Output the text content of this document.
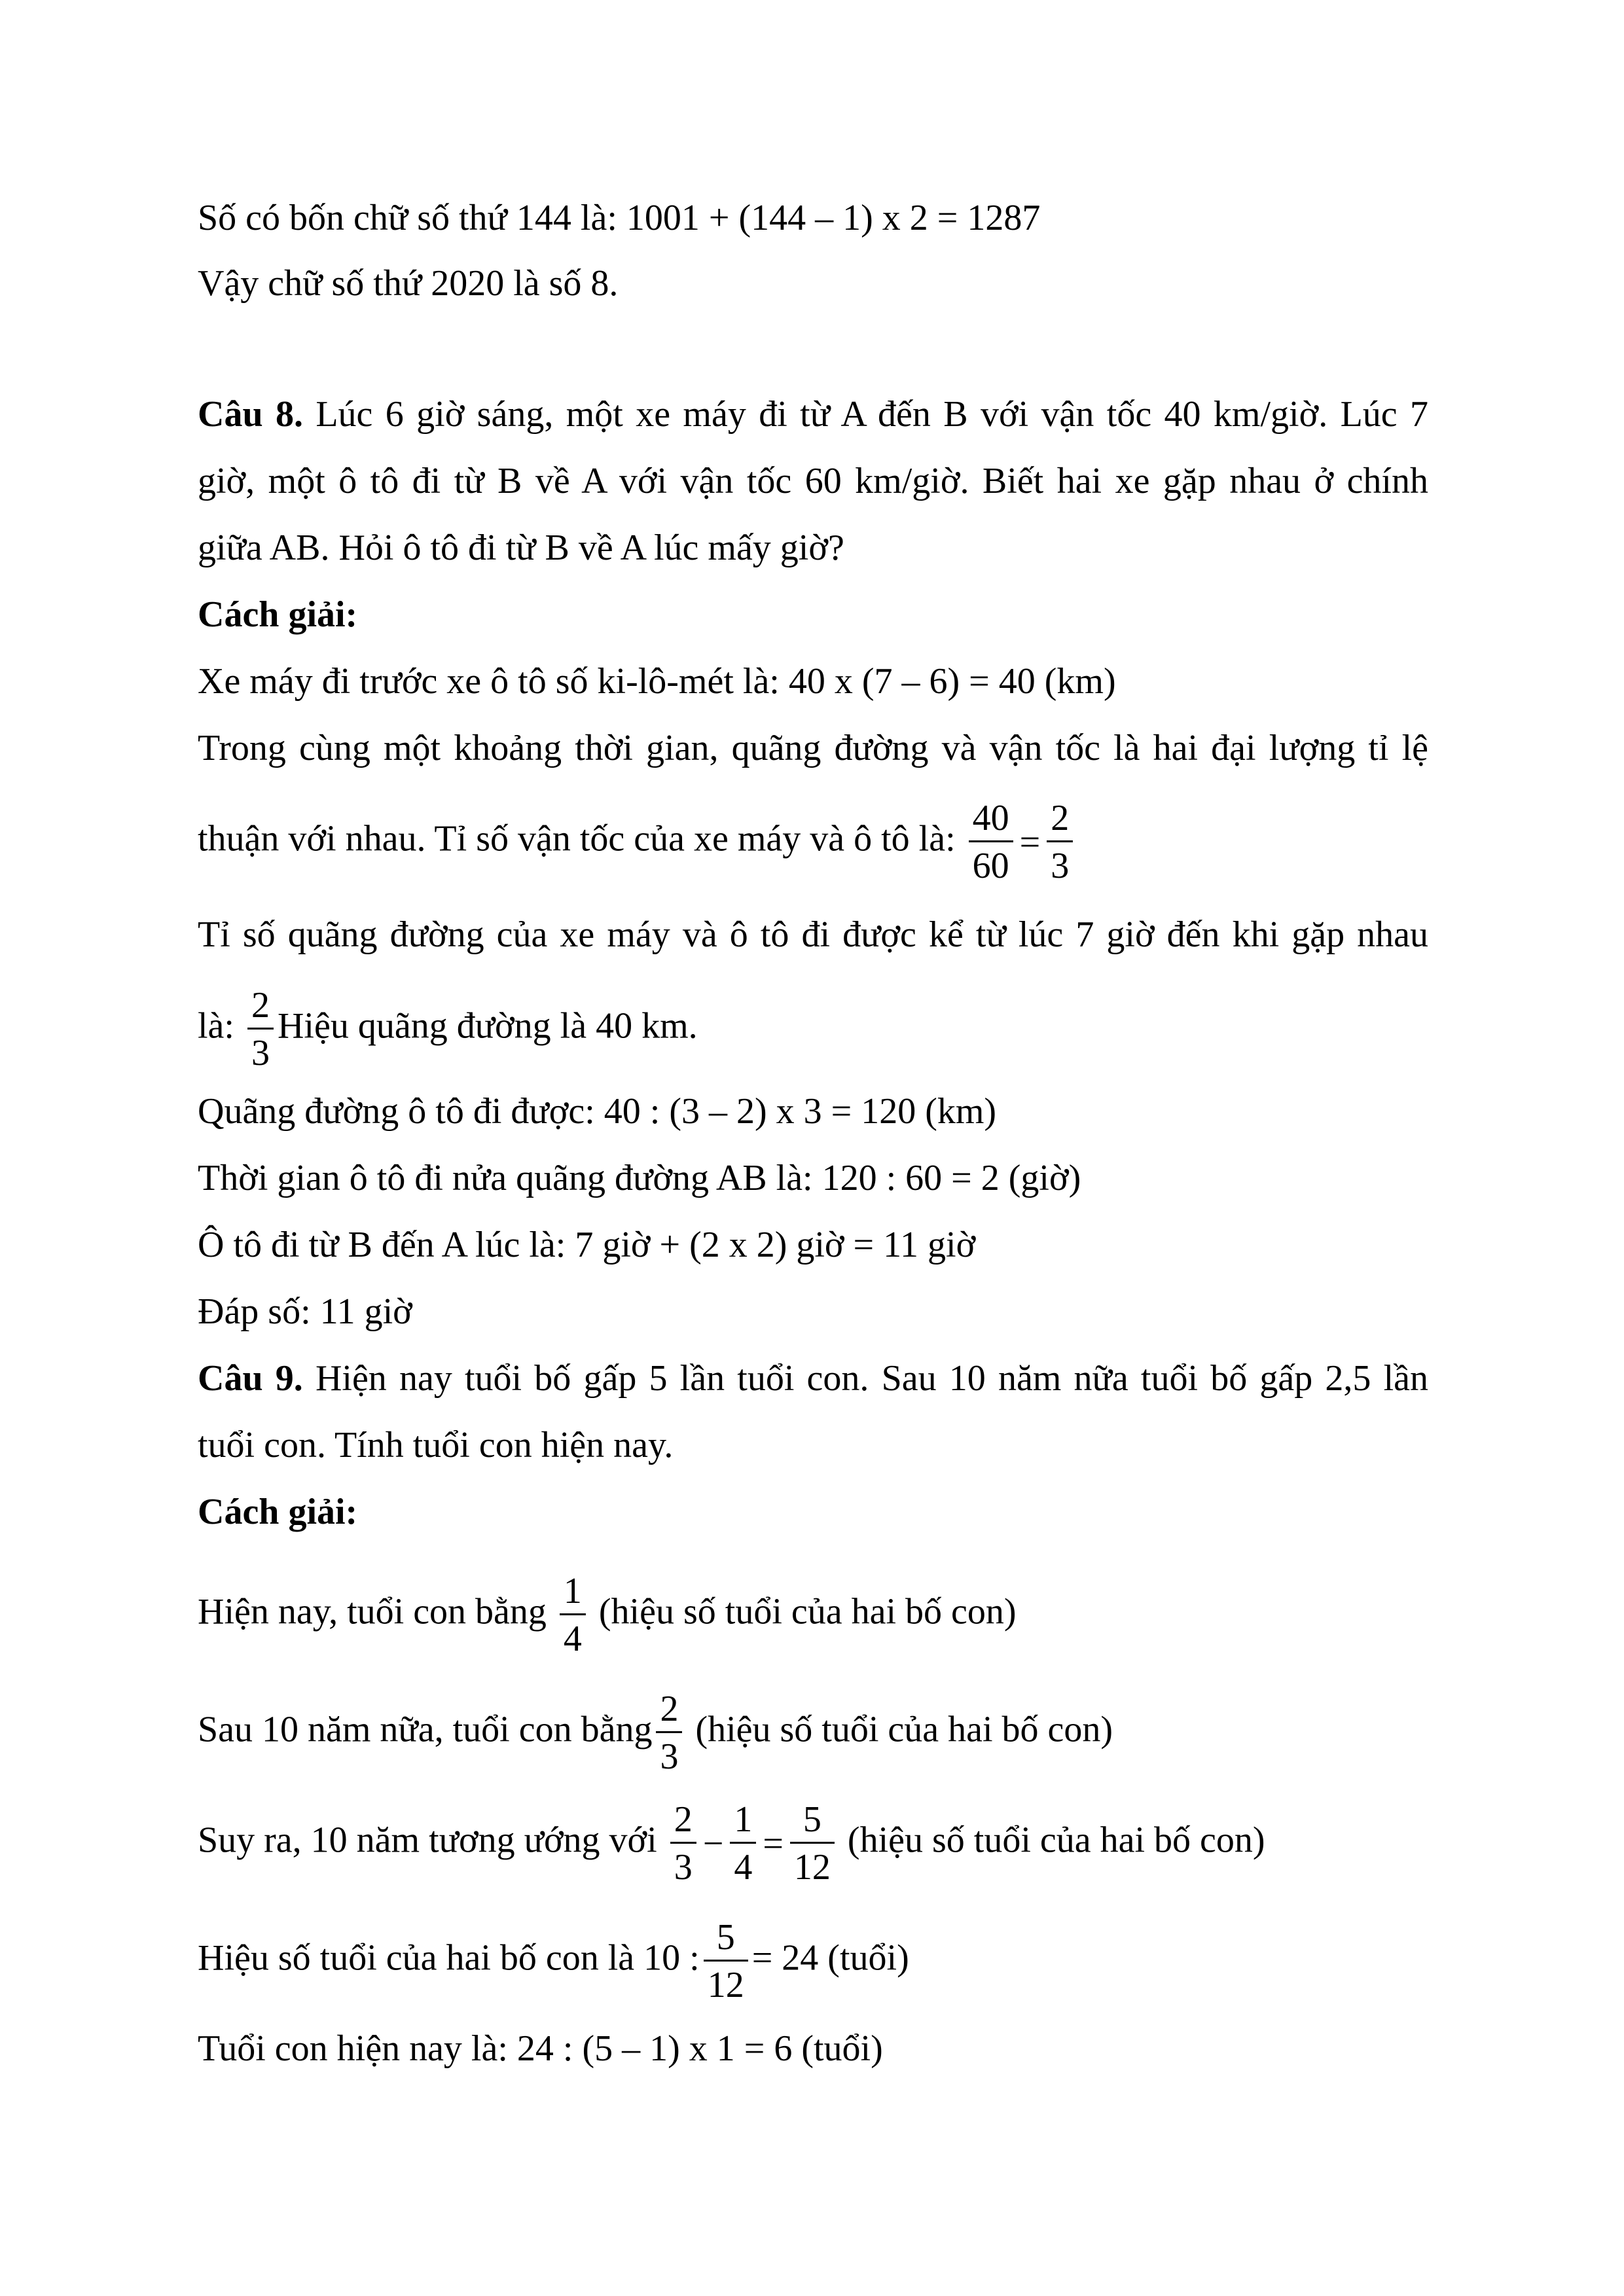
Số có bốn chữ số thứ 144 là: 1001 + (144 – 1) x 2 = 1287
Vậy chữ số thứ 2020 là số 8.
Câu 8. Lúc 6 giờ sáng, một xe máy đi từ A đến B với vận tốc 40 km/giờ. Lúc 7
giờ, một ô tô đi từ B về A với vận tốc 60 km/giờ. Biết hai xe gặp nhau ở chính
giữa AB. Hỏi ô tô đi từ B về A lúc mấy giờ?
Cách giải:
Xe máy đi trước xe ô tô số ki-lô-mét là: 40 x (7 – 6) = 40 (km)
Trong cùng một khoảng thời gian, quãng đường và vận tốc là hai đại lượng tỉ lệ
thuận với nhau. Tỉ số vận tốc của xe máy và ô tô là: $\frac{40}{60} = \frac{2}{3}$
Tỉ số quãng đường của xe máy và ô tô đi được kể từ lúc 7 giờ đến khi gặp nhau
là: $\frac{2}{3}$ Hiệu quãng đường là 40 km.
Quãng đường ô tô đi được: 40 : (3 – 2) x 3 = 120 (km)
Thời gian ô tô đi nửa quãng đường AB là: 120 : 60 = 2 (giờ)
Ô tô đi từ B đến A lúc là: 7 giờ + (2 x 2) giờ = 11 giờ
Đáp số: 11 giờ
Câu 9. Hiện nay tuổi bố gấp 5 lần tuổi con. Sau 10 năm nữa tuổi bố gấp 2,5 lần
tuổi con. Tính tuổi con hiện nay.
Cách giải:
Hiện nay, tuổi con bằng $\frac{1}{4}$ (hiệu số tuổi của hai bố con)
Sau 10 năm nữa, tuổi con bằng $\frac{2}{3}$ (hiệu số tuổi của hai bố con)
Suy ra, 10 năm tương ướng với $\frac{2}{3} - \frac{1}{4} = \frac{5}{12}$ (hiệu số tuổi của hai bố con)
Hiệu số tuổi của hai bố con là 10 : $\frac{5}{12} = 24$ (tuổi)
Tuổi con hiện nay là: 24 : (5 – 1) x 1 = 6 (tuổi)
